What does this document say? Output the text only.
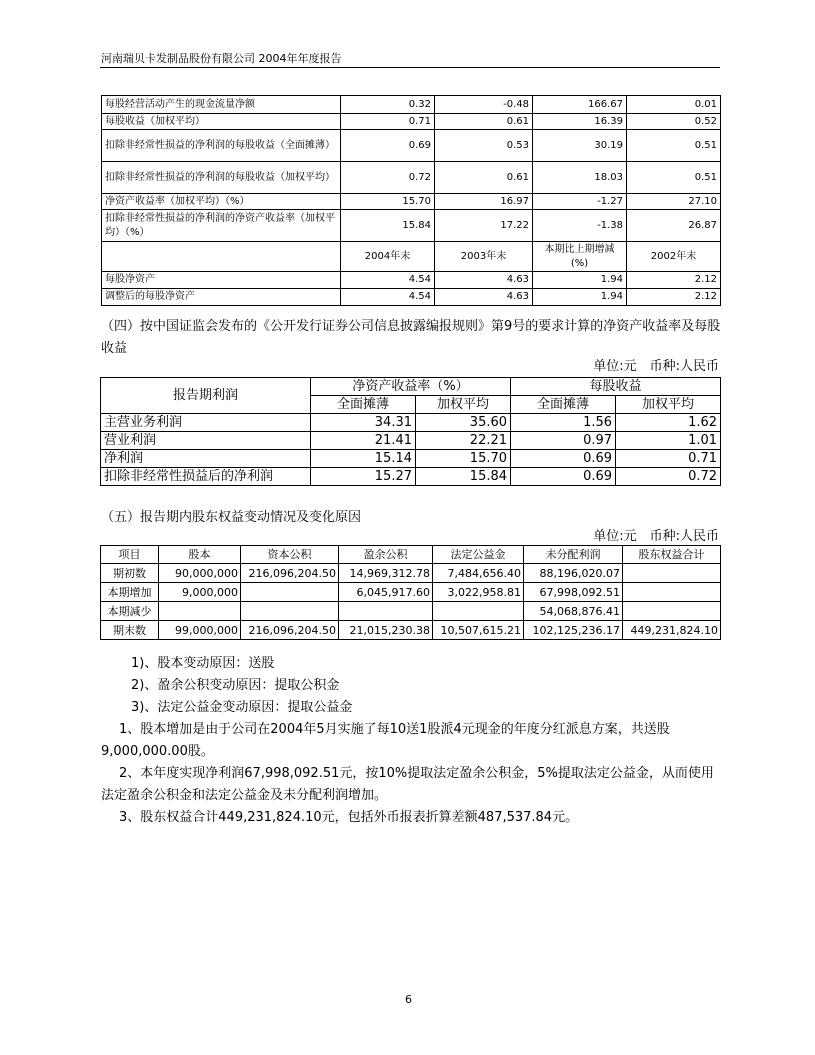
河南瑞贝卡发制品股份有限公司 2004年年度报告
每股经营活动产生的现金流量净额	0.32	-0.48	166.67	0.01
每股收益（加权平均）	0.71	0.61	16.39	0.52
扣除非经常性损益的净利润的每股收益（全面摊薄）	0.69	0.53	30.19	0.51
扣除非经常性损益的净利润的每股收益（加权平均）	0.72	0.61	18.03	0.51
净资产收益率（加权平均）（%）	15.70	16.97	-1.27	27.10
扣除非经常性损益的净利润的净资产收益率（加权平均）（%）	15.84	17.22	-1.38	26.87
	2004年末	2003年末	本期比上期增减(%)	2002年末
每股净资产	4.54	4.63	1.94	2.12
调整后的每股净资产	4.54	4.63	1.94	2.12
（四）按中国证监会发布的《公开发行证券公司信息披露编报规则》第9号的要求计算的净资产收益率及每股收益
单位:元　币种:人民币
报告期利润	净资产收益率（%）		每股收益	
	全面摊薄	加权平均	全面摊薄	加权平均
主营业务利润	34.31	35.60	1.56	1.62
营业利润	21.41	22.21	0.97	1.01
净利润	15.14	15.70	0.69	0.71
扣除非经常性损益后的净利润	15.27	15.84	0.69	0.72
（五）报告期内股东权益变动情况及变化原因
单位:元　币种:人民币
项目	股本	资本公积	盈余公积	法定公益金	未分配利润	股东权益合计
期初数	90,000,000	216,096,204.50	14,969,312.78	7,484,656.40	88,196,020.07	
本期增加	9,000,000		6,045,917.60	3,022,958.81	67,998,092.51	
本期减少					54,068,876.41	
期末数	99,000,000	216,096,204.50	21,015,230.38	10,507,615.21	102,125,236.17	449,231,824.10
1)、股本变动原因：送股
2)、盈余公积变动原因：提取公积金
3)、法定公益金变动原因：提取公益金
1、股本增加是由于公司在2004年5月实施了每10送1股派4元现金的年度分红派息方案，共送股9,000,000.00股。
2、本年度实现净利润67,998,092.51元，按10%提取法定盈余公积金，5%提取法定公益金，从而使用法定盈余公积金和法定公益金及未分配利润增加。
3、股东权益合计449,231,824.10元，包括外币报表折算差额487,537.84元。
6
